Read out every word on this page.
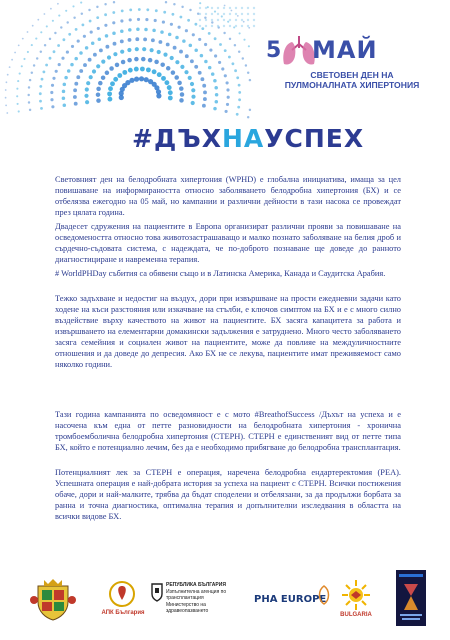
5 МАЙ
СВЕТОВЕН ДЕН НА
ПУЛМОНАЛНАТА ХИПЕРТОНИЯ
#ДЪХНАУСПЕХ

Световният ден на белодробната хипертония (WPHD) е глобална инициатива, имаща за цел повишаване на информираността относно заболяването белодробна хипертония (БХ) и се отбелязва ежегодно на 05 май, но кампании и различни дейности в тази насока се провеждат през цялата година.

Двадесет сдружения на пациентите в Европа организират различни прояви за повишаване на осведомеността относно това животозастрашаващо и малко познато заболяване на белия дроб и сърдечно-съдовата система, с надеждата, че по-доброто познаване ще доведе до ранното диагностициране и навременна терапия.

# WorldPHDay събития са обявени също и в Латинска Америка, Канада и Саудитска Арабия.

Тежко задъхване и недостиг на въздух, дори при извършване на прости ежедневни задачи като ходене на къси разстояния или изкачване на стълби, е ключов симптом на БХ и е с много силно въздействие върху качеството на живот на пациентите. БХ засяга капацитета за работа и извършването на елементарни домакински задължения е затруднено. Много често заболяването засяга семейния и социален живот на пациентите, може да повлияе на междуличностните отношения и да доведе до депресия. Ако БХ не се лекува, пациентите имат преживяемост само няколко години.

Тази година кампанията по осведомяност е с мото #BreathofSuccess /Дъхът на успеха и е насочена към една от петте разновидности на белодробната хипертония - хронична тромбоемболична белодробна хипертония (СТЕРН). СТЕРН е единственият вид от петте типа БХ, който е потенциално лечим, без да е необходимо прибягване до белодробна трансплантация.

Потенциалният лек за СТЕРН е операция, наречена белодробна ендартеректомия (PEA). Успешната операция е най-добрата история за успеха на пациент с СТЕРН. Всички постижения обаче, дори и най-малките, трябва да бъдат споделени и отбелязани, за да продължи борбата за ранна и точна диагностика, оптимална терапия и допълнителни изследвания в областта на всички видове БХ.

АПК България
РЕПУБЛИКА БЪЛГАРИЯ
Изпълнителна агенция по трансплантация
Министерство на здравеопазването
PHA EUROPE
BULGARIA
